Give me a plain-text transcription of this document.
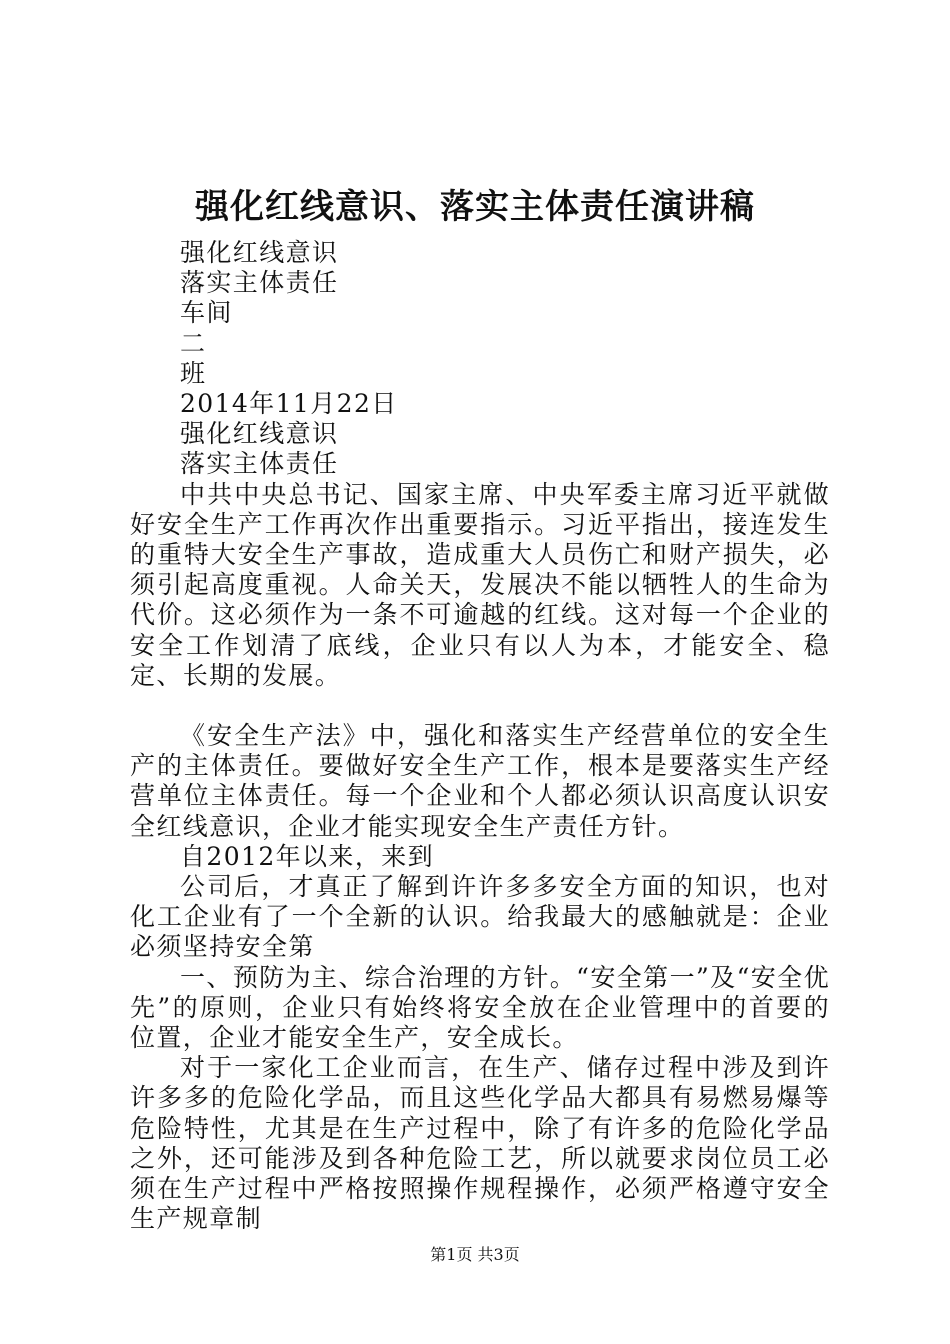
强化红线意识、落实主体责任演讲稿
强化红线意识
落实主体责任
车间
二
班
2014年11月22日
强化红线意识
落实主体责任

中共中央总书记、国家主席、中央军委主席习近平就做好安全生产工作再次作出重要指示。习近平指出，接连发生的重特大安全生产事故，造成重大人员伤亡和财产损失，必须引起高度重视。人命关天，发展决不能以牺牲人的生命为代价。这必须作为一条不可逾越的红线。这对每一个企业的安全工作划清了底线，企业只有以人为本，才能安全、稳定、长期的发展。

《安全生产法》中，强化和落实生产经营单位的安全生产的主体责任。要做好安全生产工作，根本是要落实生产经营单位主体责任。每一个企业和个人都必须认识高度认识安全红线意识，企业才能实现安全生产责任方针。

自2012年以来，来到

公司后，才真正了解到许许多多安全方面的知识，也对化工企业有了一个全新的认识。给我最大的感触就是：企业必须坚持安全第

一、预防为主、综合治理的方针。“安全第一”及“安全优先”的原则，企业只有始终将安全放在企业管理中的首要的位置，企业才能安全生产，安全成长。

对于一家化工企业而言，在生产、储存过程中涉及到许许多多的危险化学品，而且这些化学品大都具有易燃易爆等危险特性，尤其是在生产过程中，除了有许多的危险化学品之外，还可能涉及到各种危险工艺，所以就要求岗位员工必须在生产过程中严格按照操作规程操作，必须严格遵守安全生产规章制

第1页 共3页
